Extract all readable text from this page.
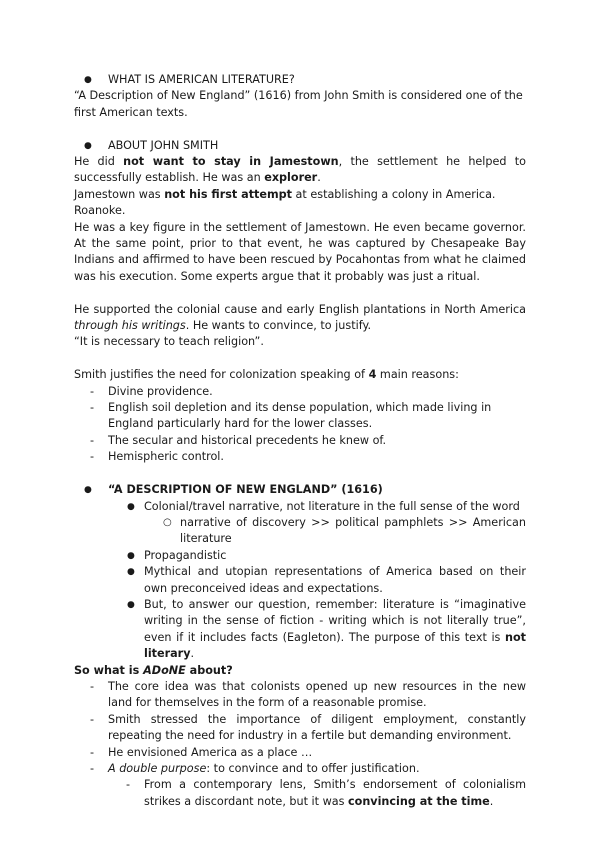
● WHAT IS AMERICAN LITERATURE?

“A Description of New England” (1616) from John Smith is considered one of the first American texts.

● ABOUT JOHN SMITH

He did not want to stay in Jamestown, the settlement he helped to successfully establish. He was an explorer.

Jamestown was not his first attempt at establishing a colony in America. Roanoke.

He was a key figure in the settlement of Jamestown. He even became governor. At the same point, prior to that event, he was captured by Chesapeake Bay Indians and affirmed to have been rescued by Pocahontas from what he claimed was his execution. Some experts argue that it probably was just a ritual.

He supported the colonial cause and early English plantations in North America through his writings. He wants to convince, to justify.

“It is necessary to teach religion”.

Smith justifies the need for colonization speaking of 4 main reasons:

- Divine providence.
- English soil depletion and its dense population, which made living in England particularly hard for the lower classes.
- The secular and historical precedents he knew of.
- Hemispheric control.
● “A DESCRIPTION OF NEW ENGLAND” (1616)
● Colonial/travel narrative, not literature in the full sense of the word
○ narrative of discovery >> political pamphlets >> American literature
● Propagandistic
● Mythical and utopian representations of America based on their own preconceived ideas and expectations.
● But, to answer our question, remember: literature is “imaginative writing in the sense of fiction - writing which is not literally true”, even if it includes facts (Eagleton). The purpose of this text is not literary.

So what is ADoNE about?

- The core idea was that colonists opened up new resources in the new land for themselves in the form of a reasonable promise.
- Smith stressed the importance of diligent employment, constantly repeating the need for industry in a fertile but demanding environment.
- He envisioned America as a place …
- A double purpose: to convince and to offer justification.
- From a contemporary lens, Smith’s endorsement of colonialism strikes a discordant note, but it was convincing at the time.
